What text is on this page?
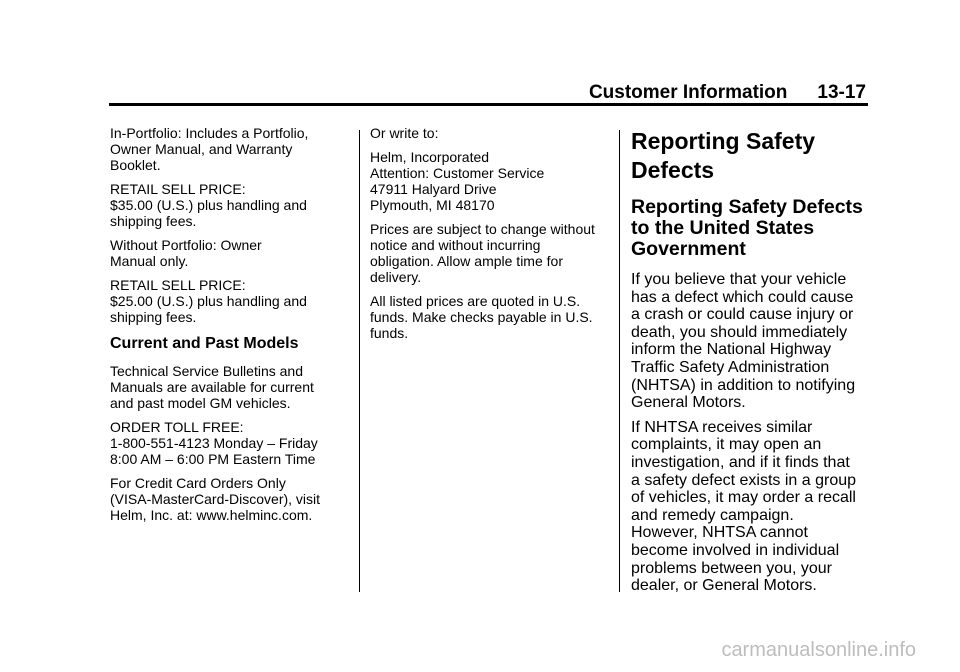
Customer Information 13-17

In-Portfolio: Includes a Portfolio,
Owner Manual, and Warranty
Booklet.

RETAIL SELL PRICE:
$35.00 (U.S.) plus handling and
shipping fees.

Without Portfolio: Owner
Manual only.

RETAIL SELL PRICE:
$25.00 (U.S.) plus handling and
shipping fees.

Current and Past Models

Technical Service Bulletins and
Manuals are available for current
and past model GM vehicles.

ORDER TOLL FREE:
1-800-551-4123 Monday – Friday
8:00 AM – 6:00 PM Eastern Time

For Credit Card Orders Only
(VISA-MasterCard-Discover), visit
Helm, Inc. at: www.helminc.com.

Or write to:

Helm, Incorporated
Attention: Customer Service
47911 Halyard Drive
Plymouth, MI 48170

Prices are subject to change without
notice and without incurring
obligation. Allow ample time for
delivery.

All listed prices are quoted in U.S.
funds. Make checks payable in U.S.
funds.

Reporting Safety
Defects
Reporting Safety Defects
to the United States
Government

If you believe that your vehicle
has a defect which could cause
a crash or could cause injury or
death, you should immediately
inform the National Highway
Traffic Safety Administration
(NHTSA) in addition to notifying
General Motors.

If NHTSA receives similar
complaints, it may open an
investigation, and if it finds that
a safety defect exists in a group
of vehicles, it may order a recall
and remedy campaign.
However, NHTSA cannot
become involved in individual
problems between you, your
dealer, or General Motors.

carmanualsonline.info
